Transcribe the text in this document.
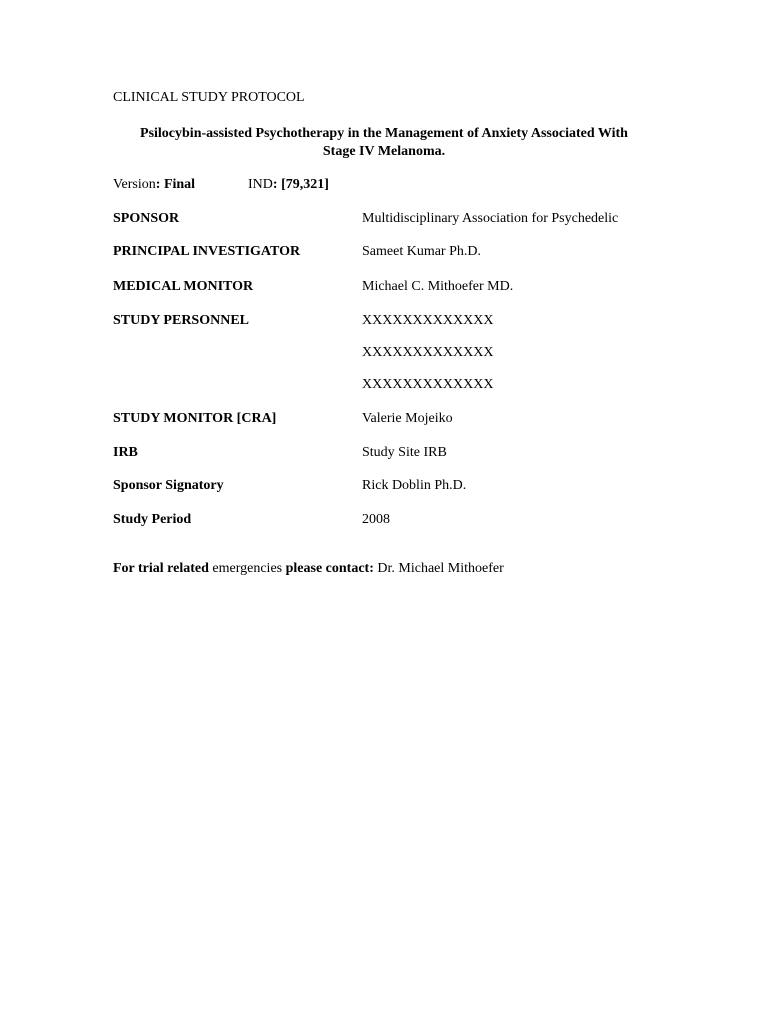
CLINICAL STUDY PROTOCOL
Psilocybin-assisted Psychotherapy in the Management of Anxiety Associated With
Stage IV Melanoma.
Version: Final	IND: [79,321]
SPONSOR	Multidisciplinary Association for Psychedelic
PRINCIPAL INVESTIGATOR	Sameet Kumar Ph.D.
MEDICAL MONITOR	Michael C. Mithoefer MD.
STUDY PERSONNEL	XXXXXXXXXXXXX
XXXXXXXXXXXXX
XXXXXXXXXXXXX
STUDY MONITOR [CRA]	Valerie Mojeiko
IRB	Study Site IRB
Sponsor Signatory	Rick Doblin Ph.D.
Study Period	2008
For trial related emergencies please contact: Dr. Michael Mithoefer
